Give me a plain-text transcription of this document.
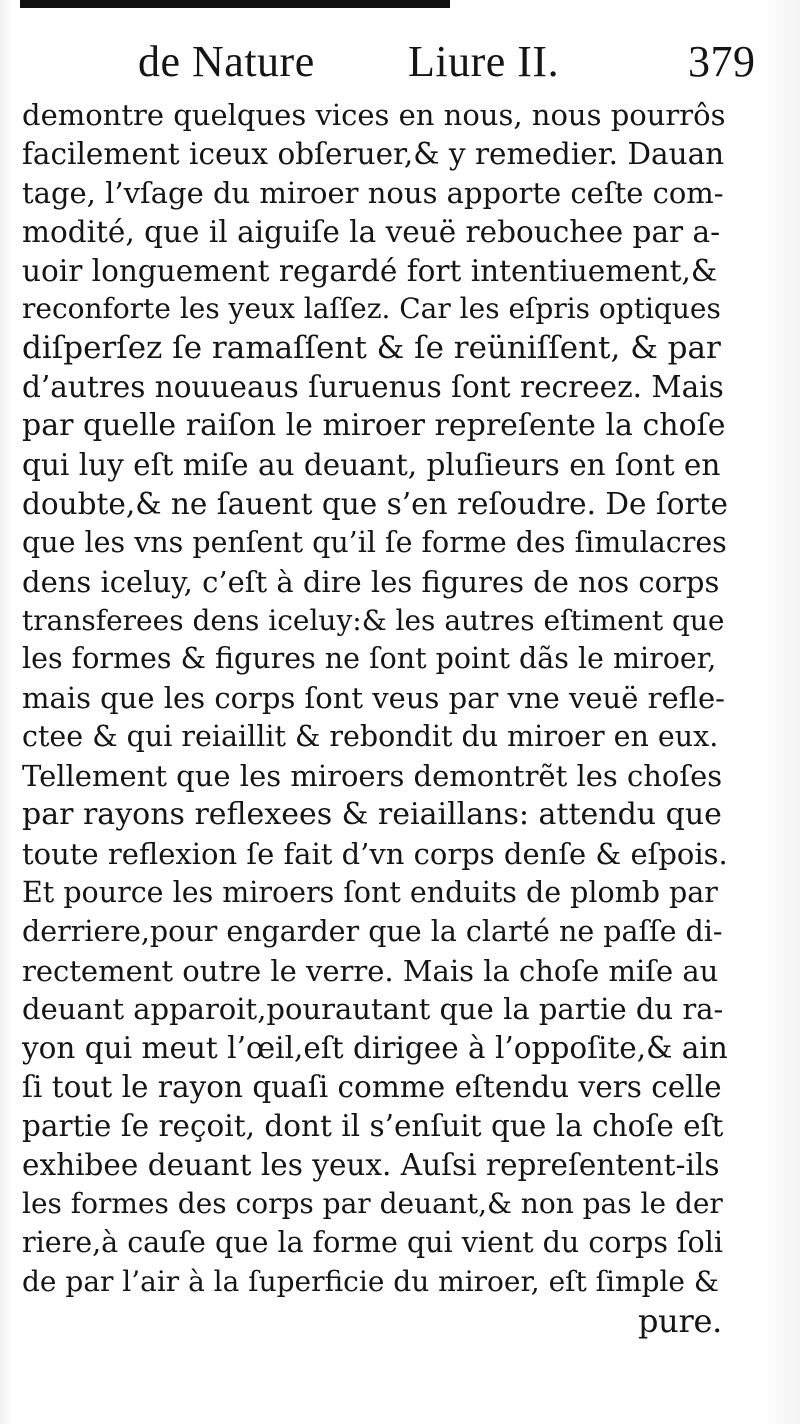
de Nature Liure II.	379
demontre quelques vices en nous, nous pourrôs
facilement iceux obſeruer,& y remedier. Dauan
tage, l’vſage du miroer nous apporte ceſte com-
modité, que il aiguiſe la veuë rebouchee par a-
uoir longuement regardé fort intentiuement,&
reconforte les yeux laſſez. Car les eſpris optiques
diſperſez ſe ramaſſent & ſe reüniſſent, & par
d’autres nouueaus ſuruenus ſont recreez. Mais
par quelle raiſon le miroer repreſente la choſe
qui luy eſt miſe au deuant, pluſieurs en ſont en
doubte,& ne ſauent que s’en reſoudre. De ſorte
que les vns penſent qu’il ſe forme des ſimulacres
dens iceluy, c’eſt à dire les figures de nos corps
transferees dens iceluy:& les autres eſtiment que
les formes & figures ne ſont point dãs le miroer,
mais que les corps ſont veus par vne veuë refle-
ctee & qui reiaillit & rebondit du miroer en eux.
Tellement que les miroers demontrẽt les choſes
par rayons reflexees & reiaillans: attendu que
toute reflexion ſe fait d’vn corps denſe & eſpois.
Et pource les miroers ſont enduits de plomb par
derriere,pour engarder que la clarté ne paſſe di-
rectement outre le verre. Mais la choſe miſe au
deuant apparoit,pourautant que la partie du ra-
yon qui meut l’œil,eſt dirigee à l’oppoſite,& ain
ſi tout le rayon quaſi comme eſtendu vers celle
partie ſe reçoit, dont il s’enſuit que la choſe eſt
exhibee deuant les yeux. Auſsi repreſentent-ils
les formes des corps par deuant,& non pas le der
riere,à cauſe que la forme qui vient du corps ſoli
de par l’air à la ſuperficie du miroer, eſt ſimple &
pure.
